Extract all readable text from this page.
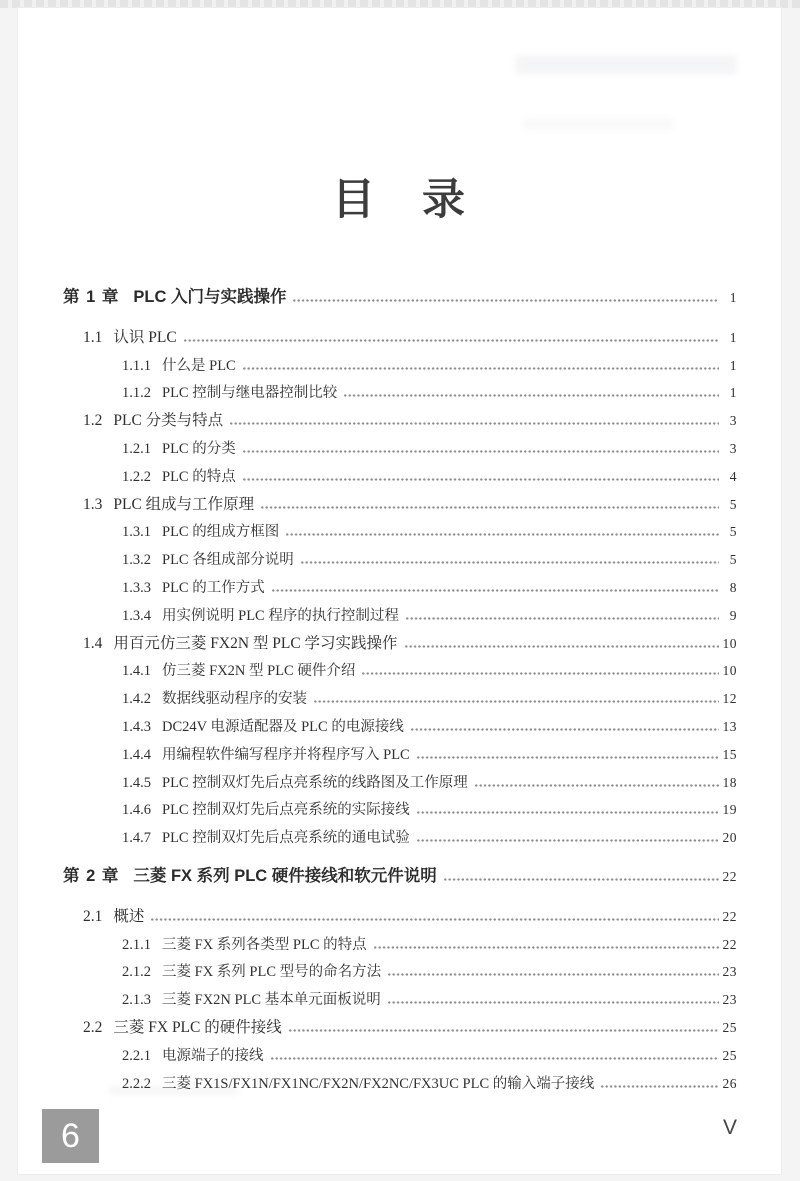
目　录
第 1 章 PLC 入门与实践操作	1
1.1 认识 PLC	1
1.1.1 什么是 PLC	1
1.1.2 PLC 控制与继电器控制比较	1
1.2 PLC 分类与特点	3
1.2.1 PLC 的分类	3
1.2.2 PLC 的特点	4
1.3 PLC 组成与工作原理	5
1.3.1 PLC 的组成方框图	5
1.3.2 PLC 各组成部分说明	5
1.3.3 PLC 的工作方式	8
1.3.4 用实例说明 PLC 程序的执行控制过程	9
1.4 用百元仿三菱 FX2N 型 PLC 学习实践操作	10
1.4.1 仿三菱 FX2N 型 PLC 硬件介绍	10
1.4.2 数据线驱动程序的安装	12
1.4.3 DC24V 电源适配器及 PLC 的电源接线	13
1.4.4 用编程软件编写程序并将程序写入 PLC	15
1.4.5 PLC 控制双灯先后点亮系统的线路图及工作原理	18
1.4.6 PLC 控制双灯先后点亮系统的实际接线	19
1.4.7 PLC 控制双灯先后点亮系统的通电试验	20
第 2 章 三菱 FX 系列 PLC 硬件接线和软元件说明	22
2.1 概述	22
2.1.1 三菱 FX 系列各类型 PLC 的特点	22
2.1.2 三菱 FX 系列 PLC 型号的命名方法	23
2.1.3 三菱 FX2N PLC 基本单元面板说明	23
2.2 三菱 FX PLC 的硬件接线	25
2.2.1 电源端子的接线	25
2.2.2 三菱 FX1S/FX1N/FX1NC/FX2N/FX2NC/FX3UC PLC 的输入端子接线	26
6	V
